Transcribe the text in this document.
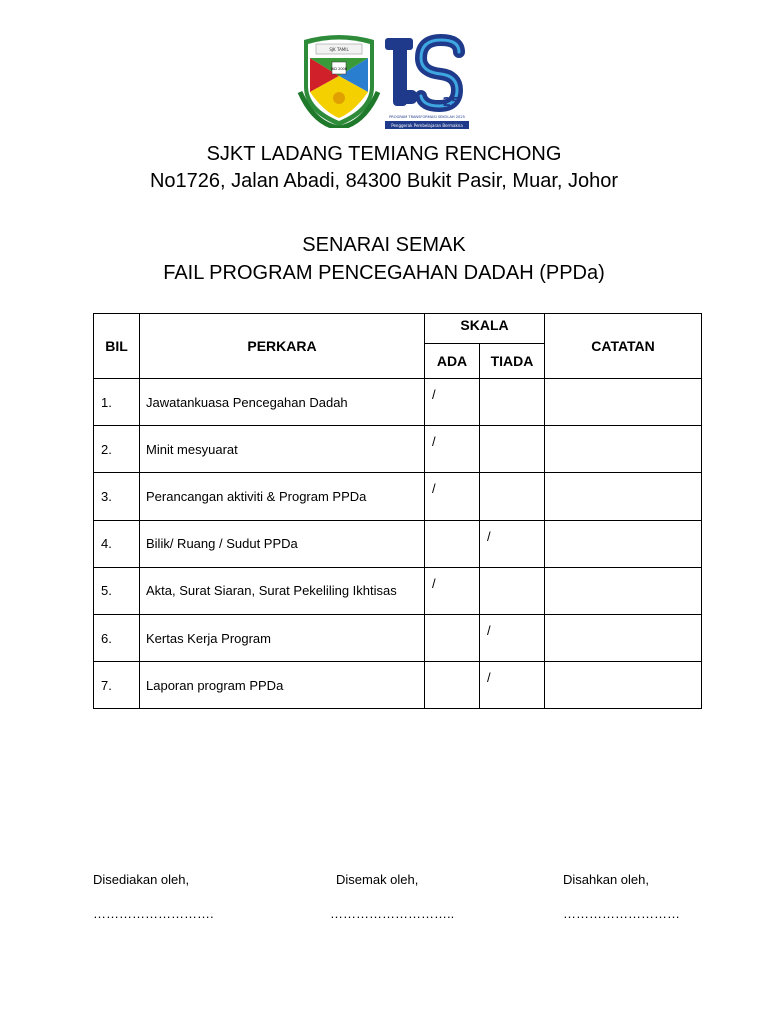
SJK TAMIL
JKD 2008
25
PROGRAM TRANSFORMASI SEKOLAH 2025
Penggerak Pembelajaran Bermakna
SJKT LADANG TEMIANG RENCHONG
No1726, Jalan Abadi, 84300 Bukit Pasir, Muar, Johor
SENARAI SEMAK
FAIL PROGRAM PENCEGAHAN DADAH (PPDa)
BIL	PERKARA	SKALA		CATATAN
		ADA	TIADA	
1.	Jawatankuasa Pencegahan Dadah	/		
2.	Minit mesyuarat	/		
3.	Perancangan aktiviti & Program PPDa	/		
4.	Bilik/ Ruang / Sudut PPDa		/	
5.	Akta, Surat Siaran, Surat Pekeliling Ikhtisas	/		
6.	Kertas Kerja Program		/	
7.	Laporan program PPDa		/	
Disediakan oleh,	Disemak oleh,	Disahkan oleh,
……………………….	………………………..	………………………
